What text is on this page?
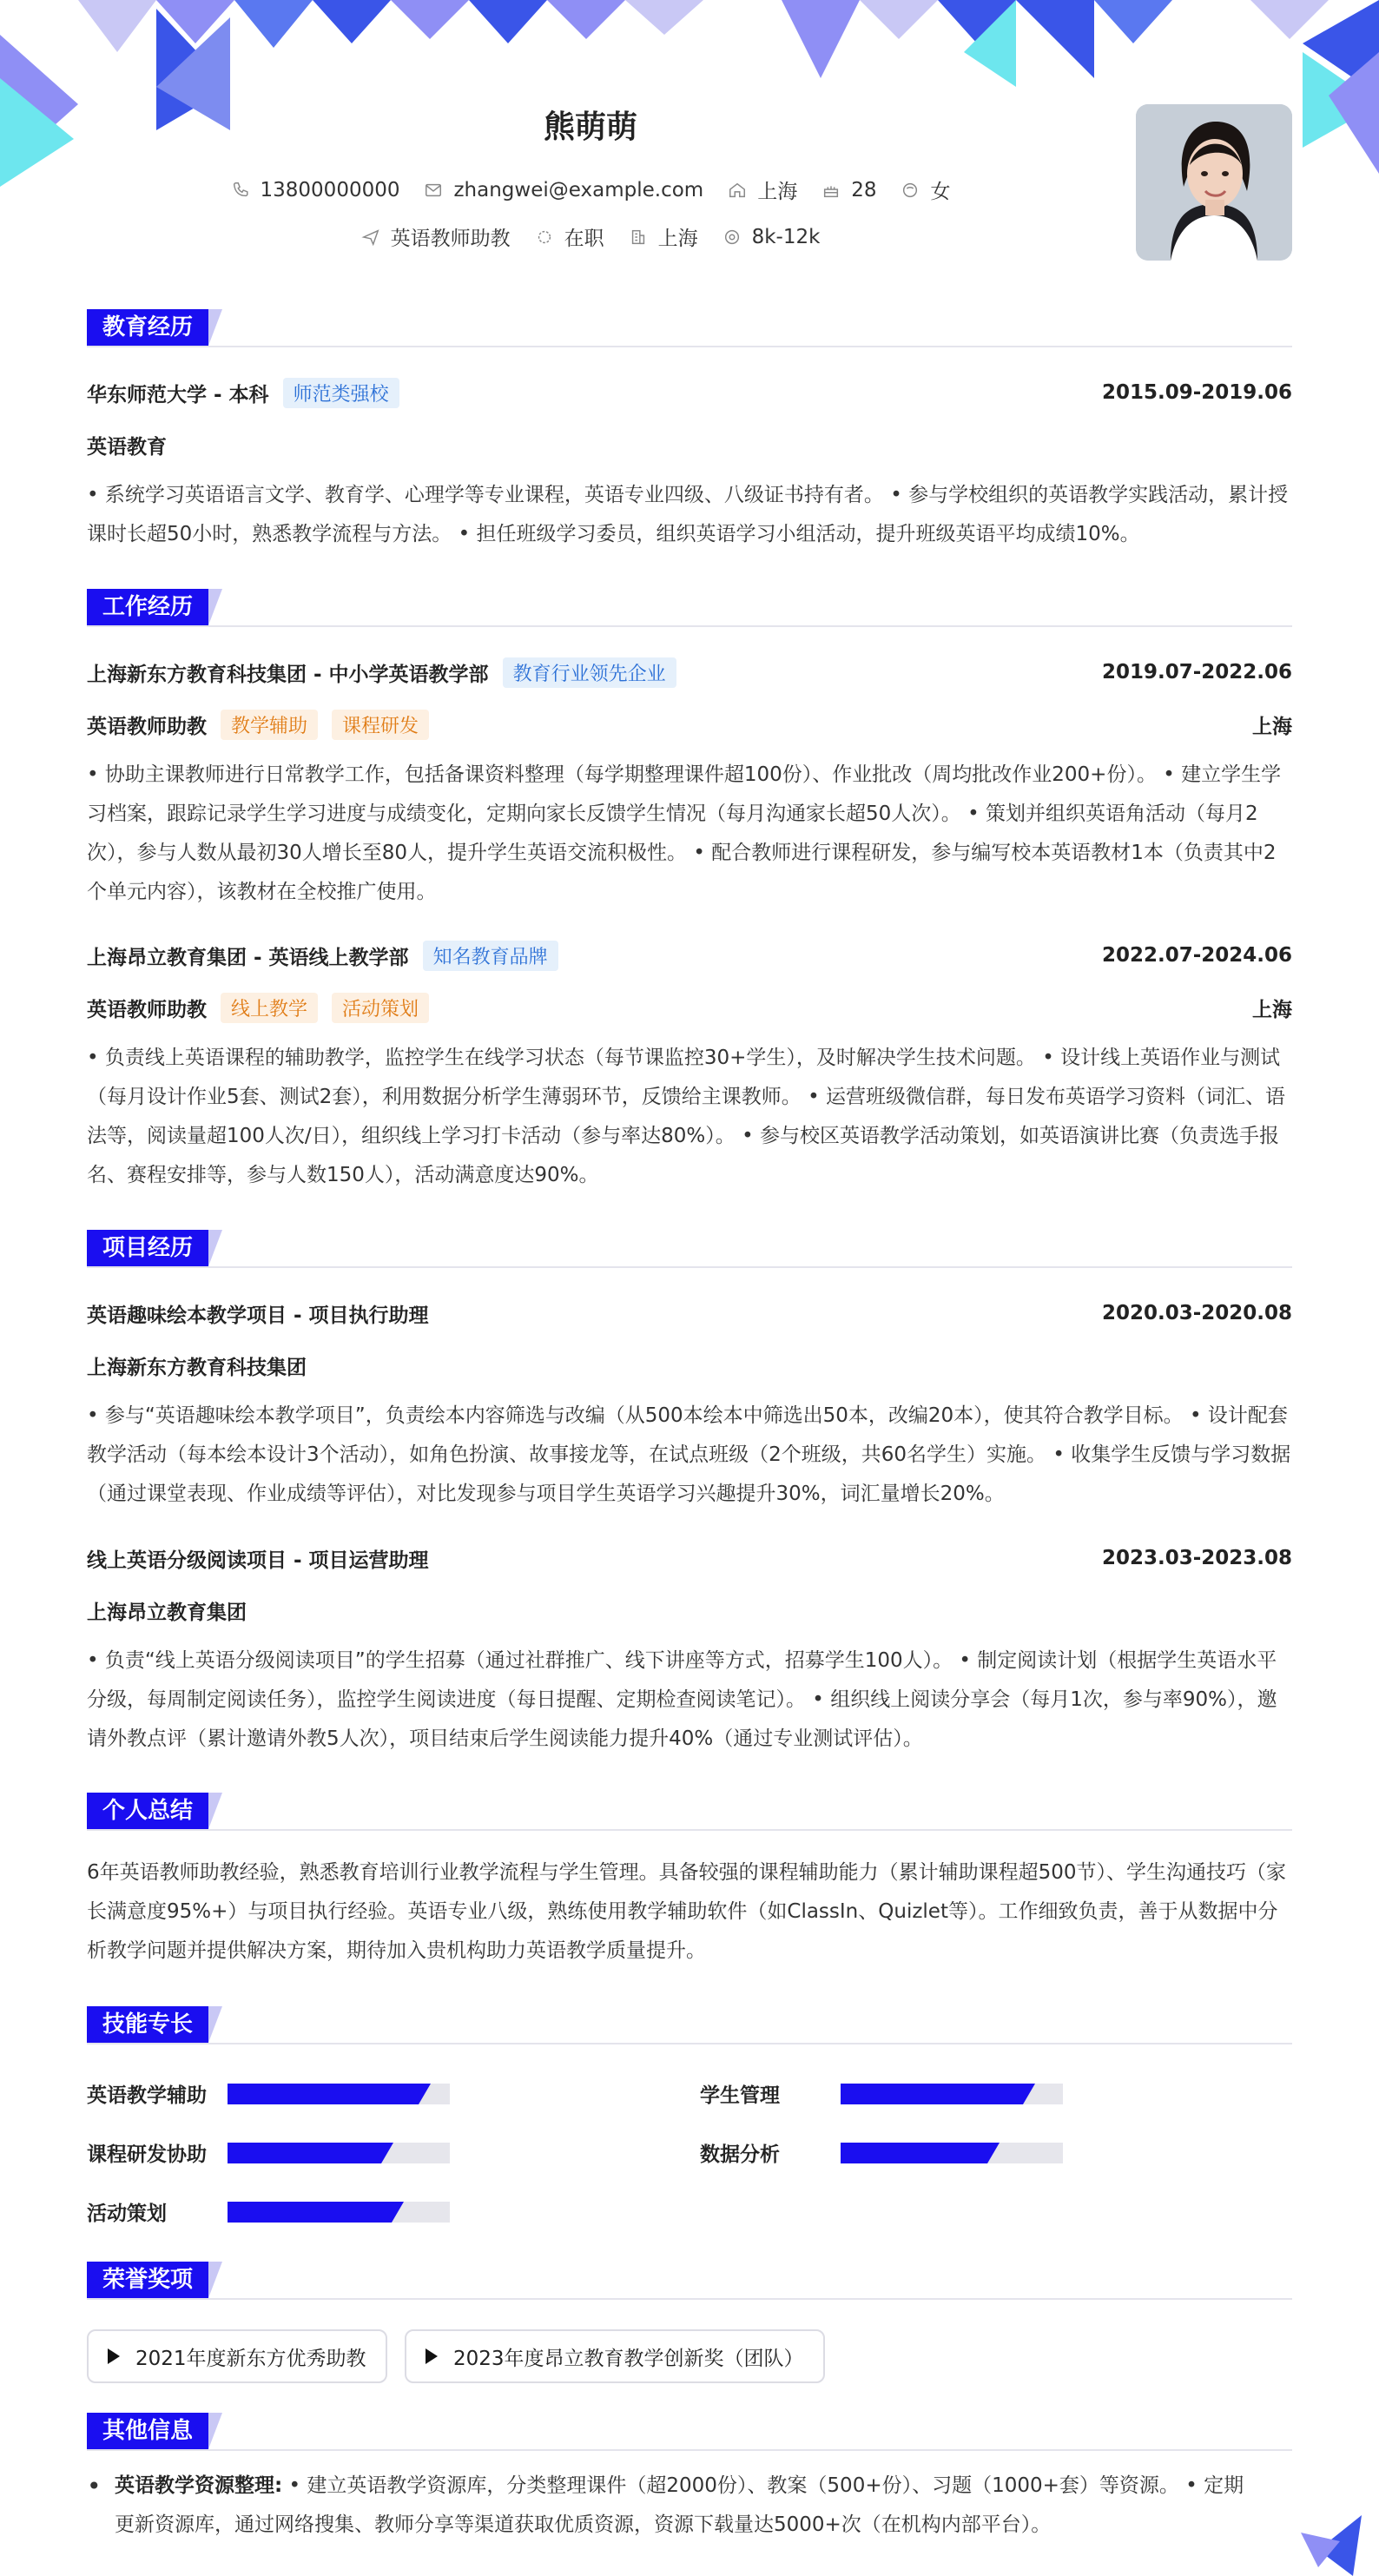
熊萌萌
13800000000	zhangwei@example.com	上海	28	女
英语教师助教	在职	上海	8k-12k
教育经历
华东师范大学 - 本科	师范类强校	2015.09-2019.06
英语教育
• 系统学习英语语言文学、教育学、心理学等专业课程，英语专业四级、八级证书持有者。 • 参与学校组织的英语教学实践活动，累计授课时长超50小时，熟悉教学流程与方法。 • 担任班级学习委员，组织英语学习小组活动，提升班级英语平均成绩10%。
工作经历
上海新东方教育科技集团 - 中小学英语教学部	教育行业领先企业	2019.07-2022.06
英语教师助教	教学辅助	课程研发	上海
• 协助主课教师进行日常教学工作，包括备课资料整理（每学期整理课件超100份）、作业批改（周均批改作业200+份）。 • 建立学生学习档案，跟踪记录学生学习进度与成绩变化，定期向家长反馈学生情况（每月沟通家长超50人次）。 • 策划并组织英语角活动（每月2次），参与人数从最初30人增长至80人，提升学生英语交流积极性。 • 配合教师进行课程研发，参与编写校本英语教材1本（负责其中2个单元内容），该教材在全校推广使用。
上海昂立教育集团 - 英语线上教学部	知名教育品牌	2022.07-2024.06
英语教师助教	线上教学	活动策划	上海
• 负责线上英语课程的辅助教学，监控学生在线学习状态（每节课监控30+学生），及时解决学生技术问题。 • 设计线上英语作业与测试（每月设计作业5套、测试2套），利用数据分析学生薄弱环节，反馈给主课教师。 • 运营班级微信群，每日发布英语学习资料（词汇、语法等，阅读量超100人次/日），组织线上学习打卡活动（参与率达80%）。 • 参与校区英语教学活动策划，如英语演讲比赛（负责选手报名、赛程安排等，参与人数150人），活动满意度达90%。
项目经历
英语趣味绘本教学项目 - 项目执行助理	2020.03-2020.08
上海新东方教育科技集团
• 参与“英语趣味绘本教学项目”，负责绘本内容筛选与改编（从500本绘本中筛选出50本，改编20本），使其符合教学目标。 • 设计配套教学活动（每本绘本设计3个活动），如角色扮演、故事接龙等，在试点班级（2个班级，共60名学生）实施。 • 收集学生反馈与学习数据（通过课堂表现、作业成绩等评估），对比发现参与项目学生英语学习兴趣提升30%，词汇量增长20%。
线上英语分级阅读项目 - 项目运营助理	2023.03-2023.08
上海昂立教育集团
• 负责“线上英语分级阅读项目”的学生招募（通过社群推广、线下讲座等方式，招募学生100人）。 • 制定阅读计划（根据学生英语水平分级，每周制定阅读任务），监控学生阅读进度（每日提醒、定期检查阅读笔记）。 • 组织线上阅读分享会（每月1次，参与率90%），邀请外教点评（累计邀请外教5人次），项目结束后学生阅读能力提升40%（通过专业测试评估）。
个人总结
6年英语教师助教经验，熟悉教育培训行业教学流程与学生管理。具备较强的课程辅助能力（累计辅助课程超500节）、学生沟通技巧（家长满意度95%+）与项目执行经验。英语专业八级，熟练使用教学辅助软件（如ClassIn、Quizlet等）。工作细致负责，善于从数据中分析教学问题并提供解决方案，期待加入贵机构助力英语教学质量提升。
技能专长
英语教学辅助	学生管理
课程研发协助	数据分析
活动策划
荣誉奖项
2021年度新东方优秀助教	2023年度昂立教育教学创新奖（团队）
其他信息
• 英语教学资源整理: • 建立英语教学资源库，分类整理课件（超2000份）、教案（500+份）、习题（1000+套）等资源。 • 定期
更新资源库，通过网络搜集、教师分享等渠道获取优质资源，资源下载量达5000+次（在机构内部平台）。
